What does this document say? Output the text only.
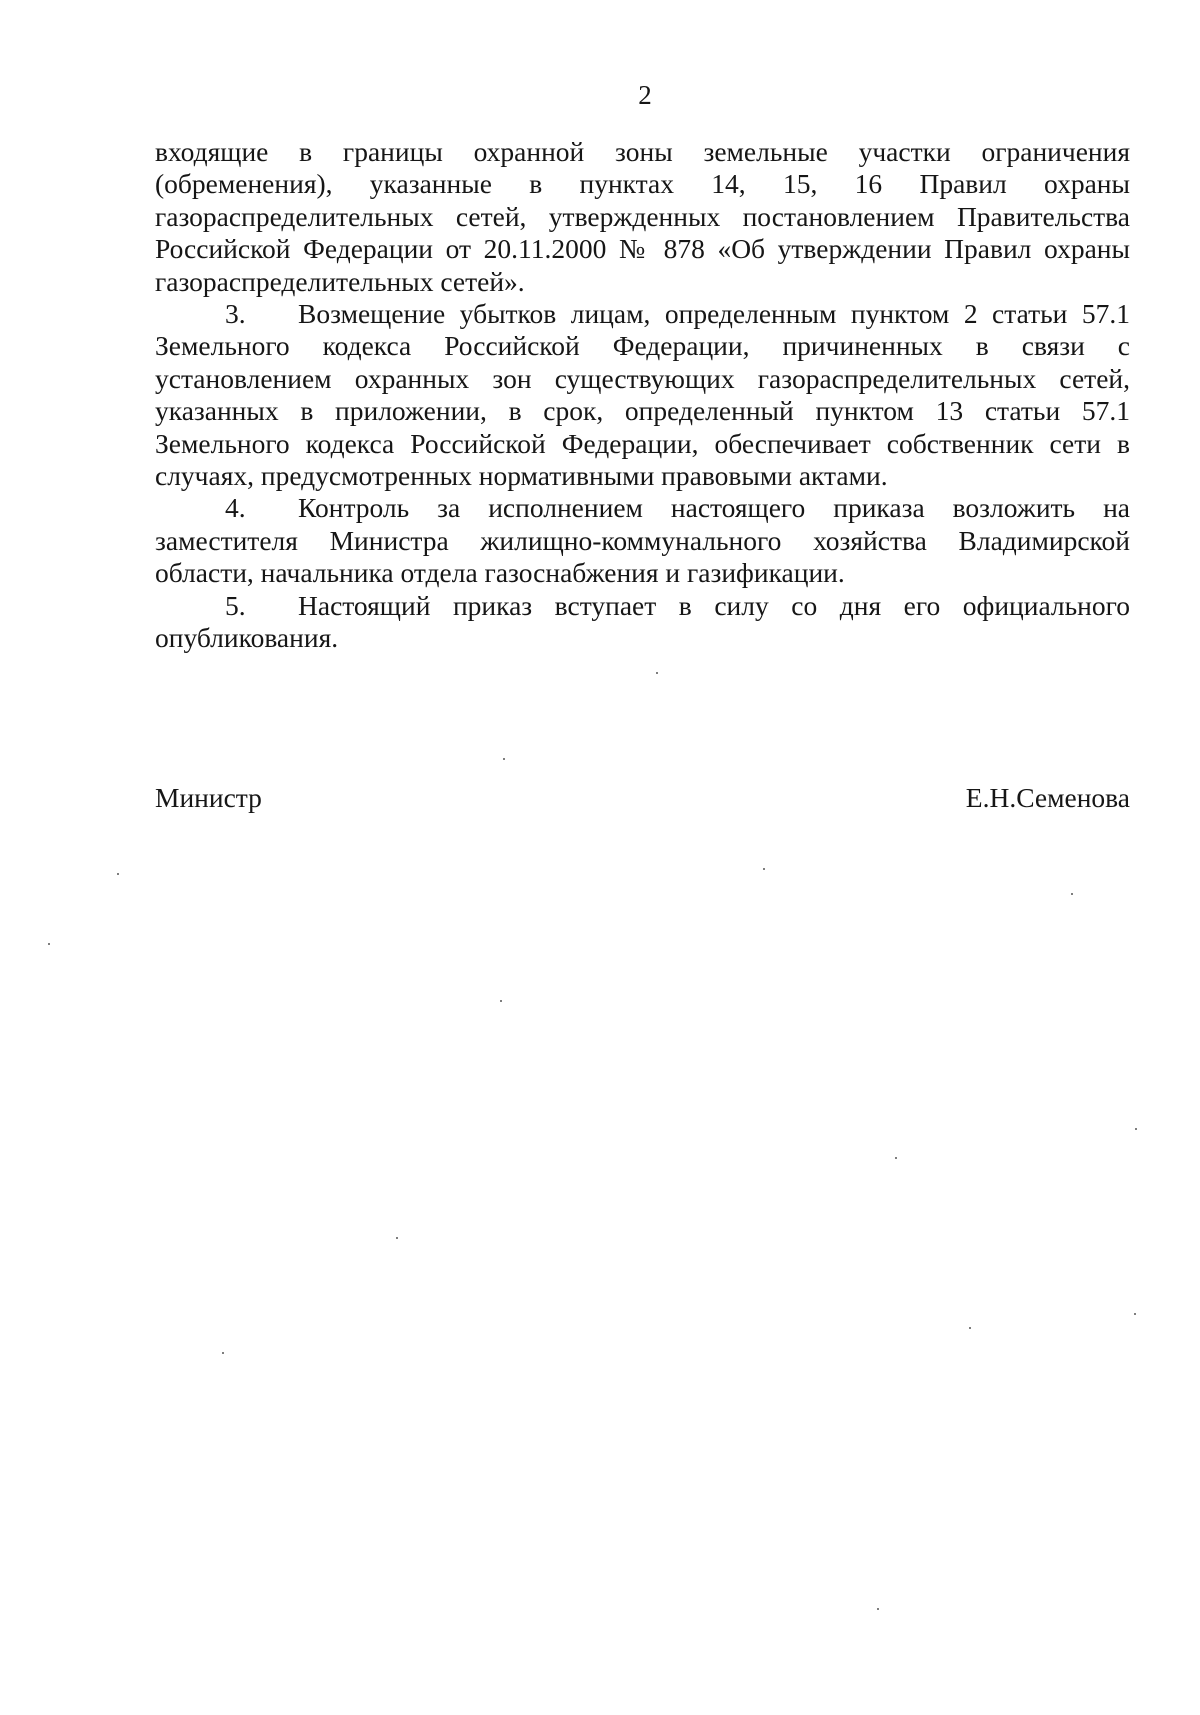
2

входящие в границы охранной зоны земельные участки ограничения (обременения), указанные в пунктах 14, 15, 16 Правил охраны газораспределительных сетей, утвержденных постановлением Правительства Российской Федерации от 20.11.2000 № 878 «Об утверждении Правил охраны газораспределительных сетей».

3. Возмещение убытков лицам, определенным пунктом 2 статьи 57.1 Земельного кодекса Российской Федерации, причиненных в связи с установлением охранных зон существующих газораспределительных сетей, указанных в приложении, в срок, определенный пунктом 13 статьи 57.1 Земельного кодекса Российской Федерации, обеспечивает собственник сети в случаях, предусмотренных нормативными правовыми актами.

4. Контроль за исполнением настоящего приказа возложить на заместителя Министра жилищно-коммунального хозяйства Владимирской области, начальника отдела газоснабжения и газификации.

5. Настоящий приказ вступает в силу со дня его официального опубликования.

Министр	Е.Н.Семенова
